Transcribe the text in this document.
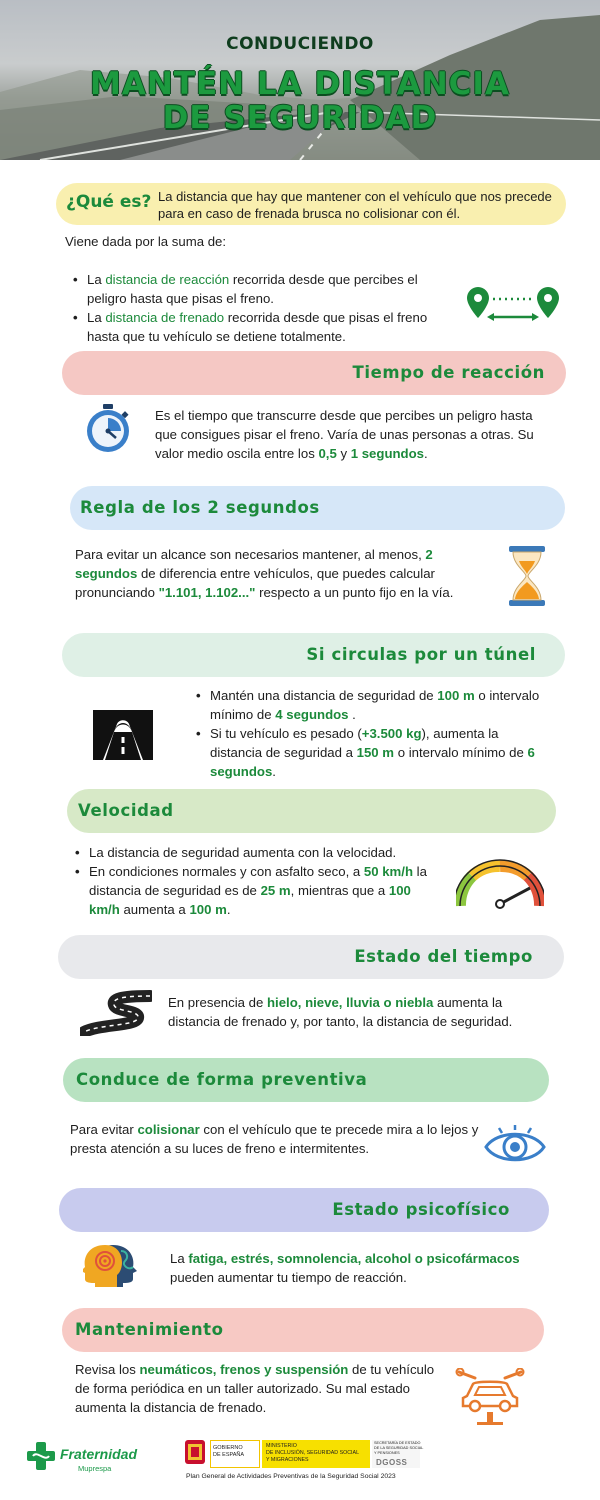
CONDUCIENDO
MANTÉN LA DISTANCIA
DE SEGURIDAD
¿Qué es? La distancia que hay que mantener con el vehículo que nos precede para en caso de frenada brusca no colisionar con él.

Viene dada por la suma de:

• La distancia de reacción recorrida desde que percibes el peligro hasta que pisas el freno.
• La distancia de frenado recorrida desde que pisas el freno hasta que tu vehículo se detiene totalmente.
Tiempo de reacción

Es el tiempo que transcurre desde que percibes un peligro hasta que consigues pisar el freno. Varía de unas personas a otras. Su valor medio oscila entre los 0,5 y 1 segundos.

Regla de los 2 segundos

Para evitar un alcance son necesarios mantener, al menos, 2 segundos de diferencia entre vehículos, que puedes calcular pronunciando "1.101, 1.102..." respecto a un punto fijo en la vía.

Si circulas por un túnel
• Mantén una distancia de seguridad de 100 m o intervalo mínimo de 4 segundos .
• Si tu vehículo es pesado (+3.500 kg), aumenta la distancia de seguridad a 150 m o intervalo mínimo de 6 segundos.
Velocidad
• La distancia de seguridad aumenta con la velocidad.
• En condiciones normales y con asfalto seco, a 50 km/h la distancia de seguridad es de 25 m, mientras que a 100 km/h aumenta a 100 m.
Estado del tiempo

En presencia de hielo, nieve, lluvia o niebla aumenta la distancia de frenado y, por tanto, la distancia de seguridad.

Conduce de forma preventiva

Para evitar colisionar con el vehículo que te precede mira a lo lejos y presta atención a su luces de freno e intermitentes.

Estado psicofísico

La fatiga, estrés, somnolencia, alcohol o psicofármacos pueden aumentar tu tiempo de reacción.

Mantenimiento

Revisa los neumáticos, frenos y suspensión de tu vehículo de forma periódica en un taller autorizado. Su mal estado aumenta la distancia de frenado.

Fraternidad
Muprespa
GOBIERNO
DE ESPAÑA
MINISTERIO
DE INCLUSIÓN, SEGURIDAD SOCIAL
Y MIGRACIONES
SECRETARÍA DE ESTADO
DE LA SEGURIDAD SOCIAL
Y PENSIONES
DGOSS
Plan General de Actividades Preventivas de la Seguridad Social 2023
